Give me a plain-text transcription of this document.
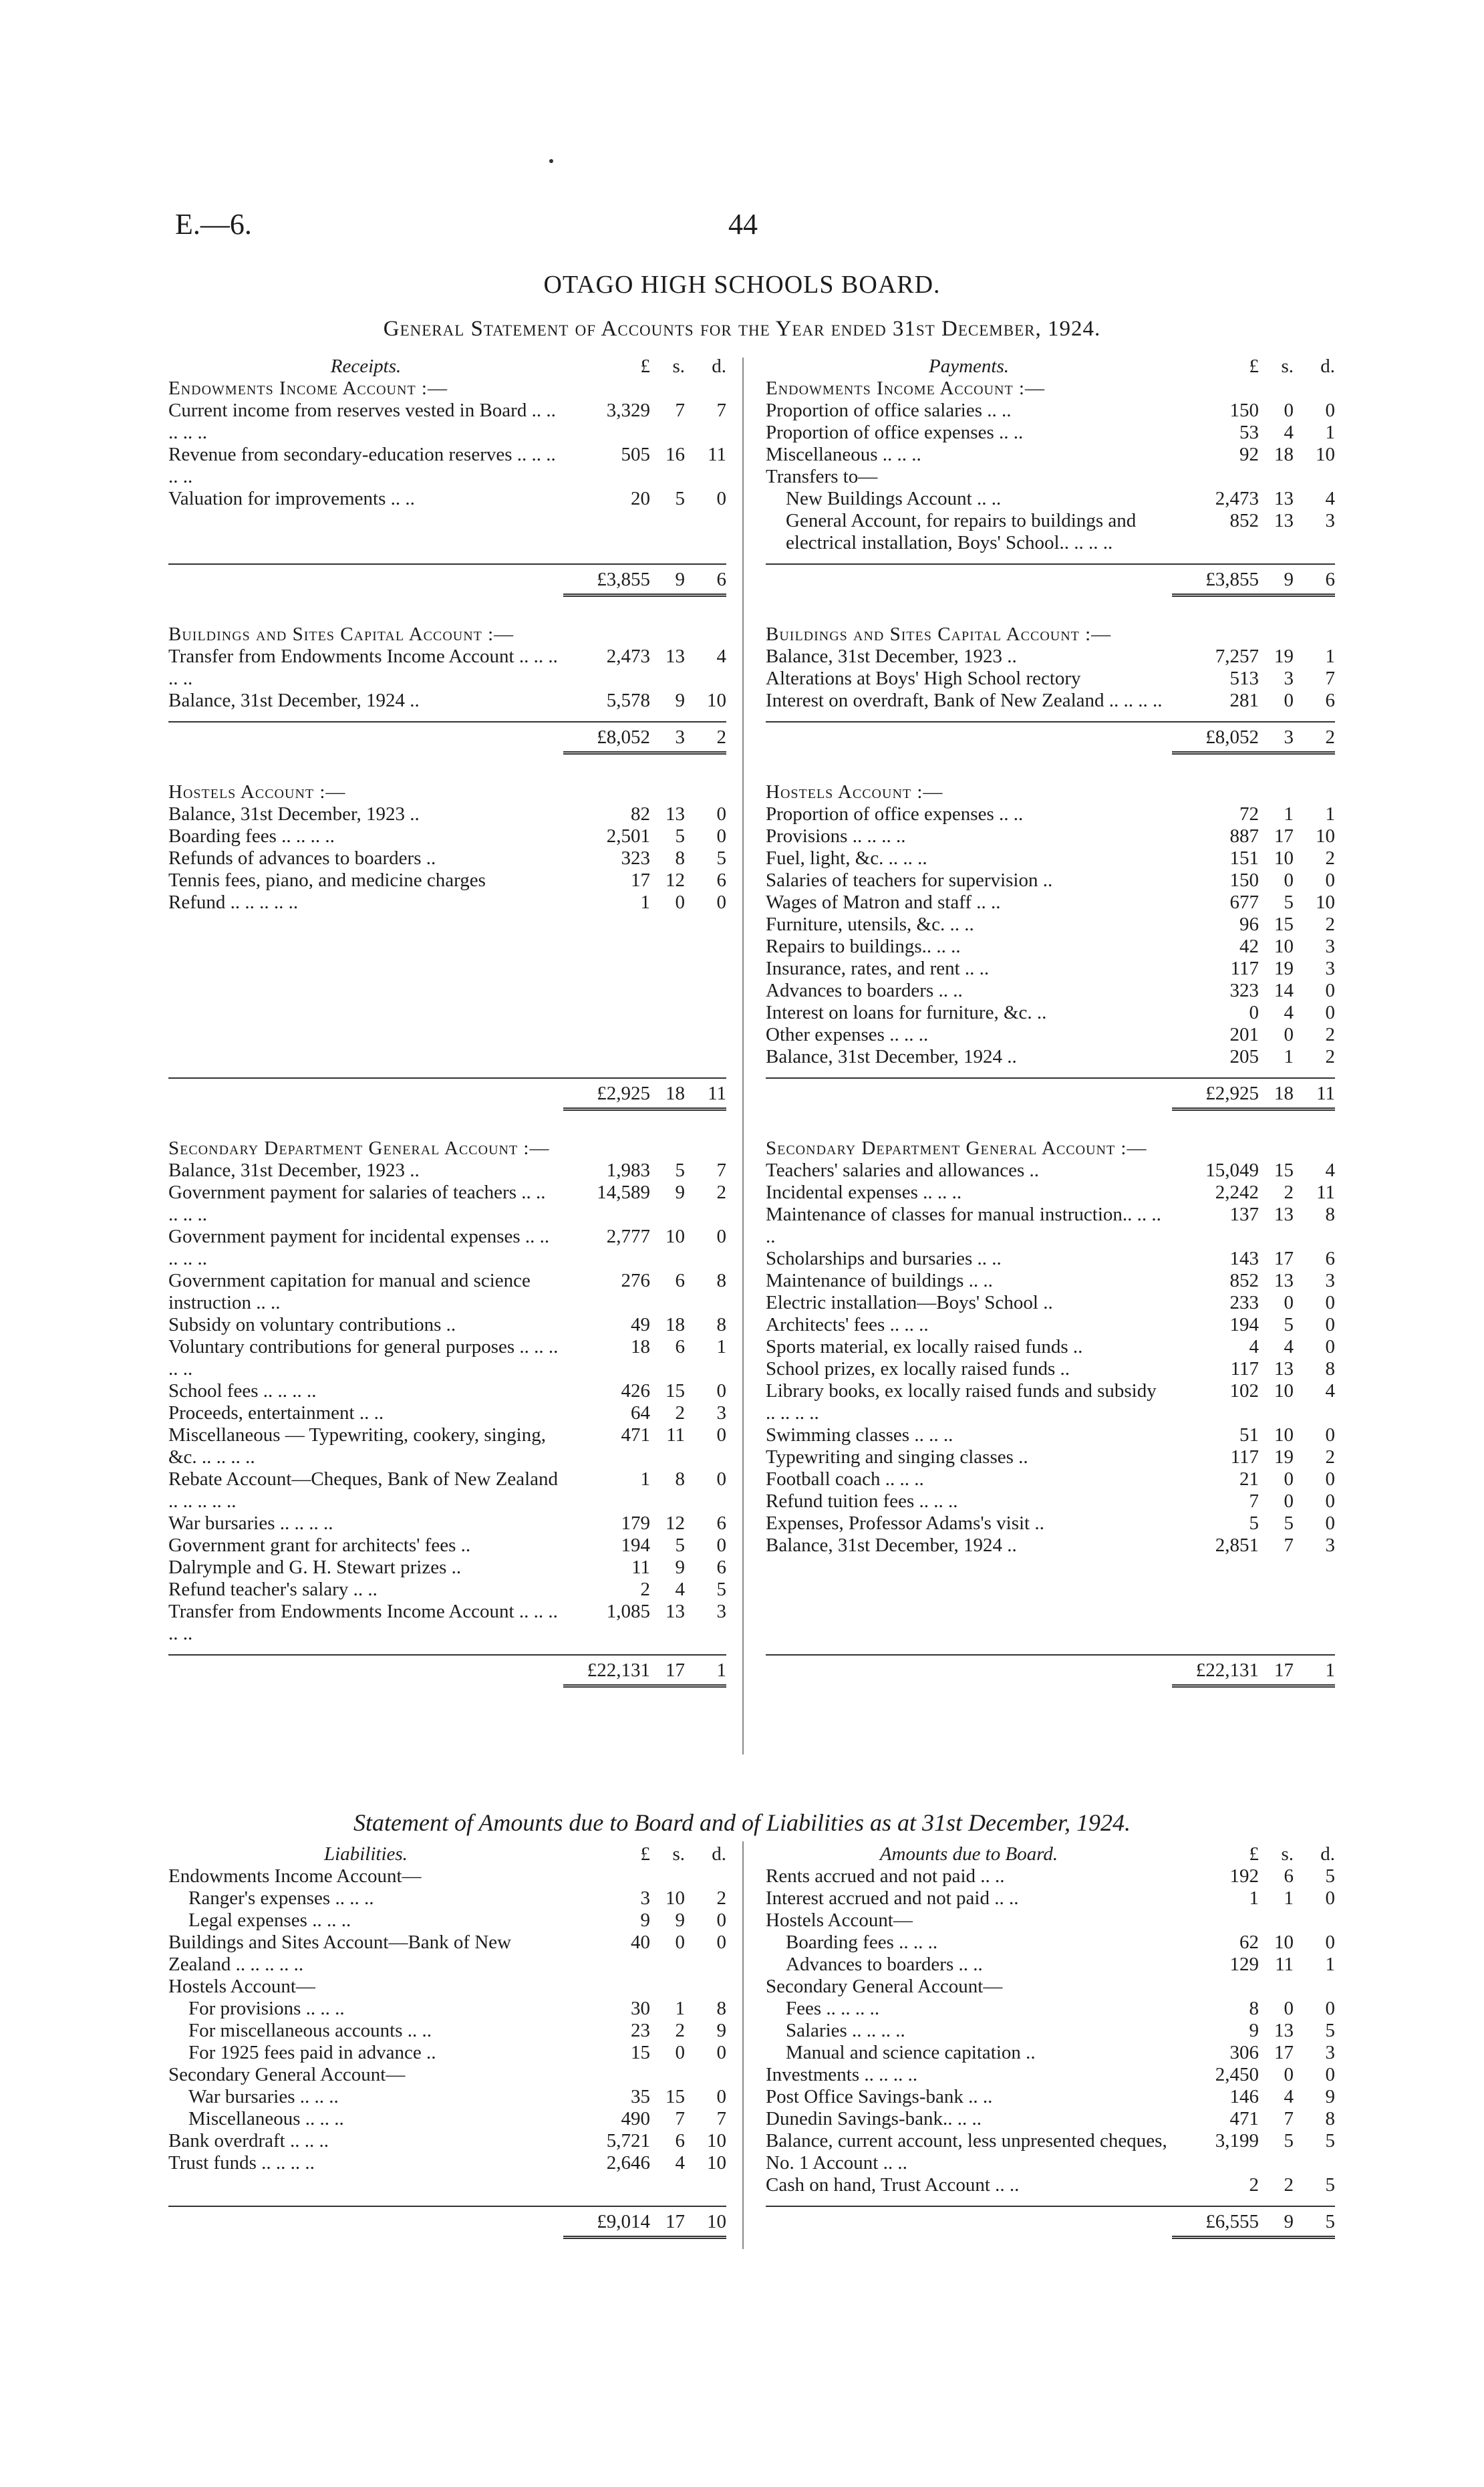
E.—6.	44
OTAGO HIGH SCHOOLS BOARD.
General Statement of Accounts for the Year ended 31st December, 1924.
Receipts.	£	s.	d.
Endowments Income Account :—
Current income from reserves vested in Board .. .. .. .. ..
3,329	7	7
Revenue from secondary-education reserves .. .. .. .. ..
505 16	11
Valuation for improvements .. ..	20	5	0
£3,855	9	6
Buildings and Sites Capital Account :—
Transfer from Endowments Income Account .. .. .. .. ..
2,473 13	4
Balance, 31st December, 1924 ..	5,578	9	10
£8,052	3	2
Hostels Account :—
Balance, 31st December, 1923 ..	82 13	0
Boarding fees .. .. .. ..	2,501	5	0
Refunds of advances to boarders ..	323	8	5
Tennis fees, piano, and medicine charges	17 12	6
Refund .. .. .. .. ..	1	0	0
£2,925 18	11
Secondary Department General Account :—
Balance, 31st December, 1923 ..	1,983	5	7
Government payment for salaries of teachers .. .. .. .. ..
14,589	9	2
Government payment for incidental expenses .. .. .. .. ..
2,777 10	0
Government capitation for manual and science instruction .. ..
276	6	8
Subsidy on voluntary contributions ..	49 18	8
Voluntary contributions for general purposes .. .. .. .. ..
18	6	1
School fees .. .. .. ..	426 15	0
Proceeds, entertainment .. ..	64	2	3
Miscellaneous — Typewriting, cookery, singing, &c. .. .. .. ..
471 11	0
Rebate Account—Cheques, Bank of New Zealand .. .. .. .. ..
1	8	0
War bursaries .. .. .. ..	179 12	6
Government grant for architects' fees ..	194	5	0
Dalrymple and G. H. Stewart prizes ..	11	9	6
Refund teacher's salary .. ..	2	4	5
Transfer from Endowments Income Account .. .. .. .. ..
1,085 13	3
£22,131 17	1
Payments.	£	s.	d.
Endowments Income Account :—
Proportion of office salaries .. ..	150	0	0
Proportion of office expenses .. ..	53	4	1
Miscellaneous .. .. ..	92 18	10
Transfers to—
New Buildings Account .. ..	2,473 13	4
General Account, for repairs to buildings and electrical installation, Boys' School.. .. .. ..
852 13	3
£3,855	9	6
Buildings and Sites Capital Account :—
Balance, 31st December, 1923 ..	7,257 19	1
Alterations at Boys' High School rectory	513	3	7
Interest on overdraft, Bank of New Zealand .. .. .. ..	281	0	6
£8,052	3	2
Hostels Account :—
Proportion of office expenses .. ..	72	1	1
Provisions .. .. .. ..	887 17	10
Fuel, light, &c. .. .. ..	151 10	2
Salaries of teachers for supervision ..	150	0	0
Wages of Matron and staff .. ..	677	5	10
Furniture, utensils, &c. .. ..	96 15	2
Repairs to buildings.. .. ..	42 10	3
Insurance, rates, and rent .. ..	117 19	3
Advances to boarders .. ..	323 14	0
Interest on loans for furniture, &c. ..	0	4	0
Other expenses .. .. ..	201	0	2
Balance, 31st December, 1924 ..	205	1	2
£2,925 18	11
Secondary Department General Account :—
Teachers' salaries and allowances ..	15,049 15	4
Incidental expenses .. .. ..	2,242	2	11
Maintenance of classes for manual instruction.. .. .. ..
137 13	8
Scholarships and bursaries .. ..	143 17	6
Maintenance of buildings .. ..	852 13	3
Electric installation—Boys' School ..	233	0	0
Architects' fees .. .. ..	194	5	0
Sports material, ex locally raised funds ..	4	4	0
School prizes, ex locally raised funds ..	117 13	8
Library books, ex locally raised funds and subsidy .. .. .. ..
102 10	4
Swimming classes .. .. ..	51 10	0
Typewriting and singing classes ..	117 19	2
Football coach .. .. ..	21	0	0
Refund tuition fees .. .. ..	7	0	0
Expenses, Professor Adams's visit ..	5	5	0
Balance, 31st December, 1924 ..	2,851	7	3
£22,131 17	1
Statement of Amounts due to Board and of Liabilities as at 31st December, 1924.
Liabilities.	£	s.	d.
Endowments Income Account—
Ranger's expenses .. .. ..	3 10	2
Legal expenses .. .. ..	9	9	0
Buildings and Sites Account—Bank of New Zealand .. .. .. .. ..
40	0	0
Hostels Account—
For provisions .. .. ..	30	1	8
For miscellaneous accounts .. ..	23	2	9
For 1925 fees paid in advance ..	15	0	0
Secondary General Account—
War bursaries .. .. ..	35 15	0
Miscellaneous .. .. ..	490	7	7
Bank overdraft .. .. ..	5,721	6	10
Trust funds .. .. .. ..	2,646	4	10
£9,014 17	10
Amounts due to Board.	£	s.	d.
Rents accrued and not paid .. ..	192	6	5
Interest accrued and not paid .. ..	1	1	0
Hostels Account—
Boarding fees .. .. ..	62 10	0
Advances to boarders .. ..	129 11	1
Secondary General Account—
Fees .. .. .. ..	8	0	0
Salaries .. .. .. ..	9 13	5
Manual and science capitation ..	306 17	3
Investments .. .. .. ..	2,450	0	0
Post Office Savings-bank .. ..	146	4	9
Dunedin Savings-bank.. .. ..	471	7	8
Balance, current account, less unpresented cheques, No. 1 Account .. ..
3,199	5	5
Cash on hand, Trust Account .. ..	2	2	5
£6,555	9	5
